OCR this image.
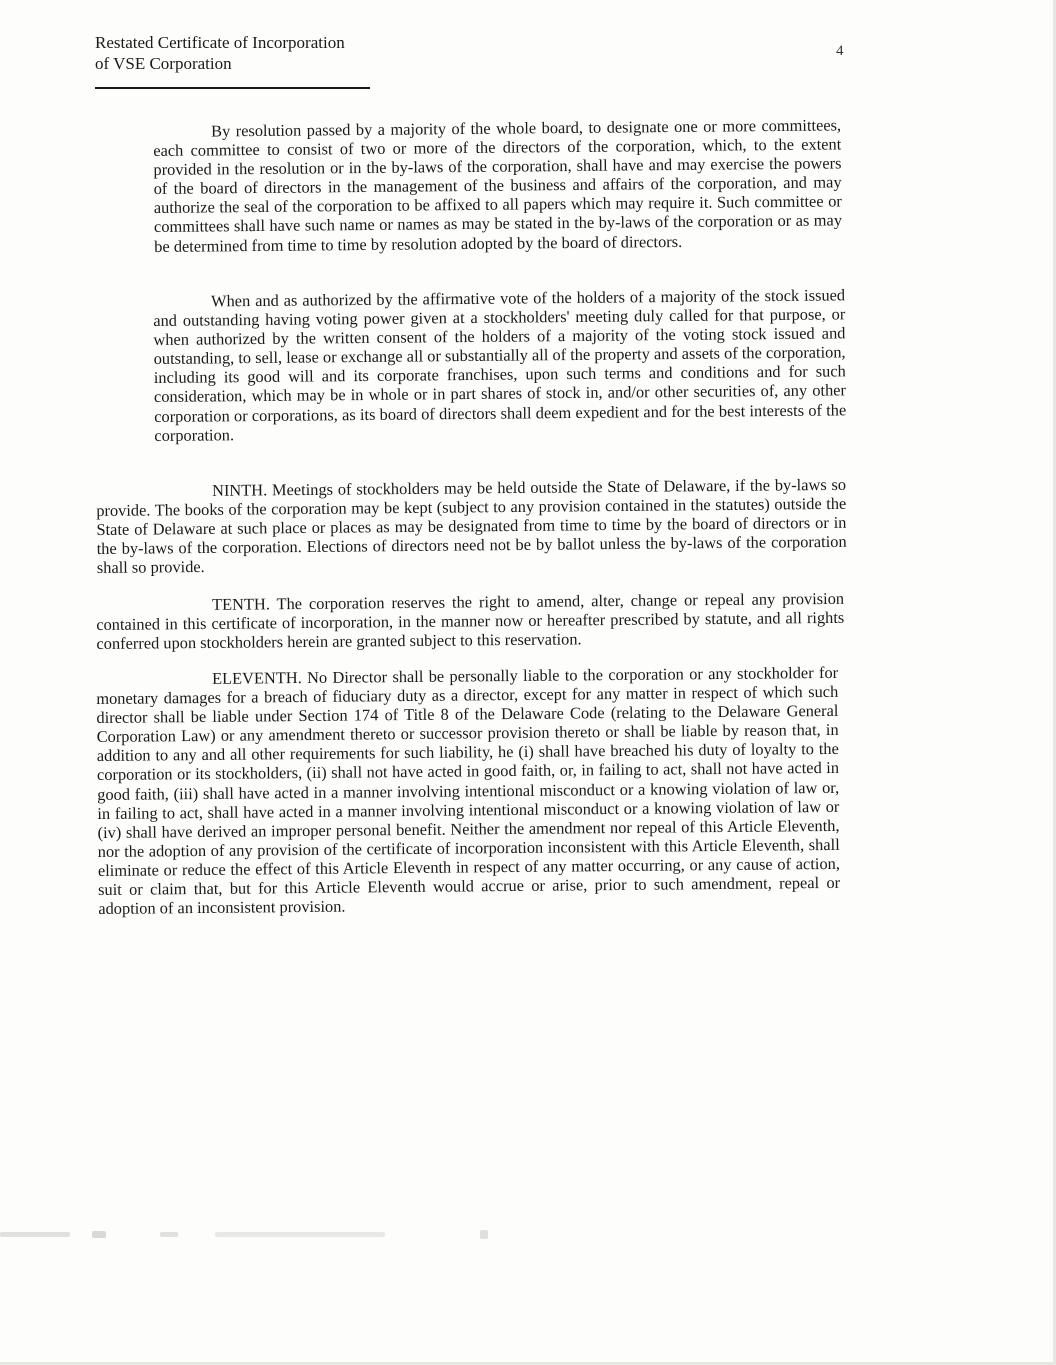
Restated Certificate of Incorporation
of VSE Corporation
4

By resolution passed by a majority of the whole board, to designate one or more committees, each committee to consist of two or more of the directors of the corporation, which, to the extent provided in the resolution or in the by-laws of the corporation, shall have and may exercise the powers of the board of directors in the management of the business and affairs of the corporation, and may authorize the seal of the corporation to be affixed to all papers which may require it. Such committee or committees shall have such name or names as may be stated in the by-laws of the corporation or as may be determined from time to time by resolution adopted by the board of directors.

When and as authorized by the affirmative vote of the holders of a majority of the stock issued and outstanding having voting power given at a stockholders' meeting duly called for that purpose, or when authorized by the written consent of the holders of a majority of the voting stock issued and outstanding, to sell, lease or exchange all or substantially all of the property and assets of the corporation, including its good will and its corporate franchises, upon such terms and conditions and for such consideration, which may be in whole or in part shares of stock in, and/or other securities of, any other corporation or corporations, as its board of directors shall deem expedient and for the best interests of the corporation.

NINTH. Meetings of stockholders may be held outside the State of Delaware, if the by-laws so provide. The books of the corporation may be kept (subject to any provision contained in the statutes) outside the State of Delaware at such place or places as may be designated from time to time by the board of directors or in the by-laws of the corporation. Elections of directors need not be by ballot unless the by-laws of the corporation shall so provide.

TENTH. The corporation reserves the right to amend, alter, change or repeal any provision contained in this certificate of incorporation, in the manner now or hereafter prescribed by statute, and all rights conferred upon stockholders herein are granted subject to this reservation.

ELEVENTH. No Director shall be personally liable to the corporation or any stockholder for monetary damages for a breach of fiduciary duty as a director, except for any matter in respect of which such director shall be liable under Section 174 of Title 8 of the Delaware Code (relating to the Delaware General Corporation Law) or any amendment thereto or successor provision thereto or shall be liable by reason that, in addition to any and all other requirements for such liability, he (i) shall have breached his duty of loyalty to the corporation or its stockholders, (ii) shall not have acted in good faith, or, in failing to act, shall not have acted in good faith, (iii) shall have acted in a manner involving intentional misconduct or a knowing violation of law or, in failing to act, shall have acted in a manner involving intentional misconduct or a knowing violation of law or (iv) shall have derived an improper personal benefit. Neither the amendment nor repeal of this Article Eleventh, nor the adoption of any provision of the certificate of incorporation inconsistent with this Article Eleventh, shall eliminate or reduce the effect of this Article Eleventh in respect of any matter occurring, or any cause of action, suit or claim that, but for this Article Eleventh would accrue or arise, prior to such amendment, repeal or adoption of an inconsistent provision.
